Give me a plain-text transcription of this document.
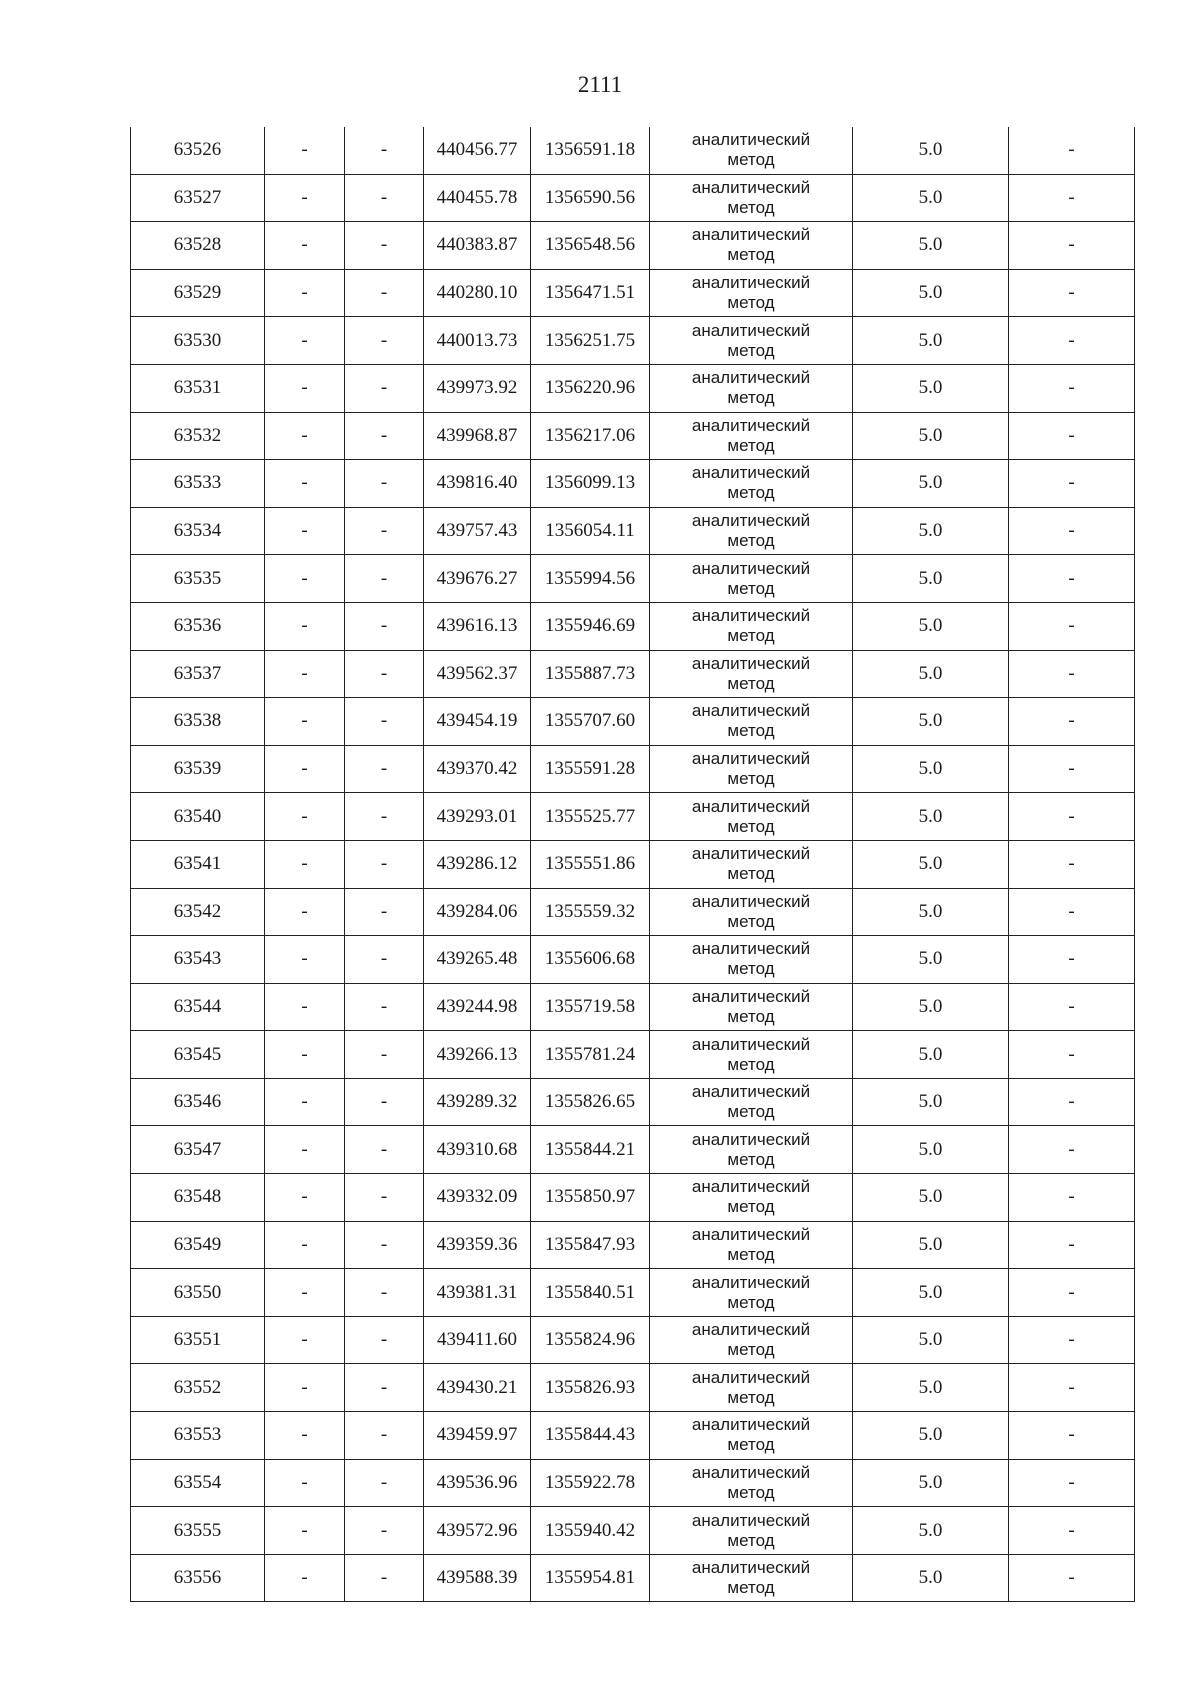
2111
63526	-	-	440456.77	1356591.18	аналитический
метод	5.0	-
63527	-	-	440455.78	1356590.56	аналитический
метод	5.0	-
63528	-	-	440383.87	1356548.56	аналитический
метод	5.0	-
63529	-	-	440280.10	1356471.51	аналитический
метод	5.0	-
63530	-	-	440013.73	1356251.75	аналитический
метод	5.0	-
63531	-	-	439973.92	1356220.96	аналитический
метод	5.0	-
63532	-	-	439968.87	1356217.06	аналитический
метод	5.0	-
63533	-	-	439816.40	1356099.13	аналитический
метод	5.0	-
63534	-	-	439757.43	1356054.11	аналитический
метод	5.0	-
63535	-	-	439676.27	1355994.56	аналитический
метод	5.0	-
63536	-	-	439616.13	1355946.69	аналитический
метод	5.0	-
63537	-	-	439562.37	1355887.73	аналитический
метод	5.0	-
63538	-	-	439454.19	1355707.60	аналитический
метод	5.0	-
63539	-	-	439370.42	1355591.28	аналитический
метод	5.0	-
63540	-	-	439293.01	1355525.77	аналитический
метод	5.0	-
63541	-	-	439286.12	1355551.86	аналитический
метод	5.0	-
63542	-	-	439284.06	1355559.32	аналитический
метод	5.0	-
63543	-	-	439265.48	1355606.68	аналитический
метод	5.0	-
63544	-	-	439244.98	1355719.58	аналитический
метод	5.0	-
63545	-	-	439266.13	1355781.24	аналитический
метод	5.0	-
63546	-	-	439289.32	1355826.65	аналитический
метод	5.0	-
63547	-	-	439310.68	1355844.21	аналитический
метод	5.0	-
63548	-	-	439332.09	1355850.97	аналитический
метод	5.0	-
63549	-	-	439359.36	1355847.93	аналитический
метод	5.0	-
63550	-	-	439381.31	1355840.51	аналитический
метод	5.0	-
63551	-	-	439411.60	1355824.96	аналитический
метод	5.0	-
63552	-	-	439430.21	1355826.93	аналитический
метод	5.0	-
63553	-	-	439459.97	1355844.43	аналитический
метод	5.0	-
63554	-	-	439536.96	1355922.78	аналитический
метод	5.0	-
63555	-	-	439572.96	1355940.42	аналитический
метод	5.0	-
63556	-	-	439588.39	1355954.81	аналитический
метод	5.0	-
